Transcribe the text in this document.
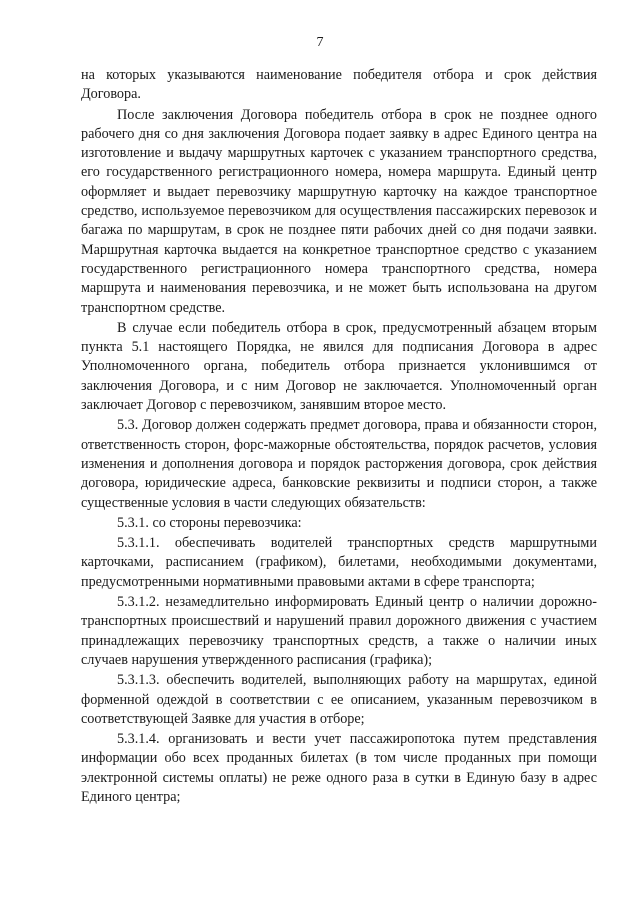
7

на которых указываются наименование победителя отбора и срок действия Договора.

После заключения Договора победитель отбора в срок не позднее одного рабочего дня со дня заключения Договора подает заявку в адрес Единого центра на изготовление и выдачу маршрутных карточек с указанием транспортного средства, его государственного регистрационного номера, номера маршрута. Единый центр оформляет и выдает перевозчику маршрутную карточку на каждое транспортное средство, используемое перевозчиком для осуществления пассажирских перевозок и багажа по маршрутам, в срок не позднее пяти рабочих дней со дня подачи заявки. Маршрутная карточка выдается на конкретное транспортное средство с указанием государственного регистрационного номера транспортного средства, номера маршрута и наименования перевозчика, и не может быть использована на другом транспортном средстве.

В случае если победитель отбора в срок, предусмотренный абзацем вторым пункта 5.1 настоящего Порядка, не явился для подписания Договора в адрес Уполномоченного органа, победитель отбора признается уклонившимся от заключения Договора, и с ним Договор не заключается. Уполномоченный орган заключает Договор с перевозчиком, занявшим второе место.

5.3. Договор должен содержать предмет договора, права и обязанности сторон, ответственность сторон, форс-мажорные обстоятельства, порядок расчетов, условия изменения и дополнения договора и порядок расторжения договора, срок действия договора, юридические адреса, банковские реквизиты и подписи сторон, а также существенные условия в части следующих обязательств:

5.3.1. со стороны перевозчика:

5.3.1.1. обеспечивать водителей транспортных средств маршрутными карточками, расписанием (графиком), билетами, необходимыми документами, предусмотренными нормативными правовыми актами в сфере транспорта;

5.3.1.2. незамедлительно информировать Единый центр о наличии дорожно-транспортных происшествий и нарушений правил дорожного движения с участием принадлежащих перевозчику транспортных средств, а также о наличии иных случаев нарушения утвержденного расписания (графика);

5.3.1.3. обеспечить водителей, выполняющих работу на маршрутах, единой форменной одеждой в соответствии с ее описанием, указанным перевозчиком в соответствующей Заявке для участия в отборе;

5.3.1.4. организовать и вести учет пассажиропотока путем представления информации обо всех проданных билетах (в том числе проданных при помощи электронной системы оплаты) не реже одного раза в сутки в Единую базу в адрес Единого центра;
